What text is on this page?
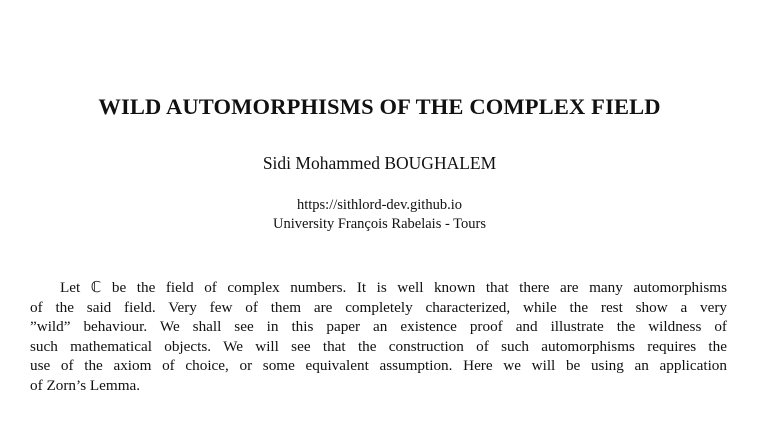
WILD AUTOMORPHISMS OF THE COMPLEX FIELD
Sidi Mohammed BOUGHALEM
https://sithlord-dev.github.io
University François Rabelais - Tours
Let ℂ be the field of complex numbers. It is well known that there are many automorphisms
of the said field. Very few of them are completely characterized, while the rest show a very
”wild” behaviour. We shall see in this paper an existence proof and illustrate the wildness of
such mathematical objects. We will see that the construction of such automorphisms requires the
use of the axiom of choice, or some equivalent assumption. Here we will be using an application
of Zorn’s Lemma.
